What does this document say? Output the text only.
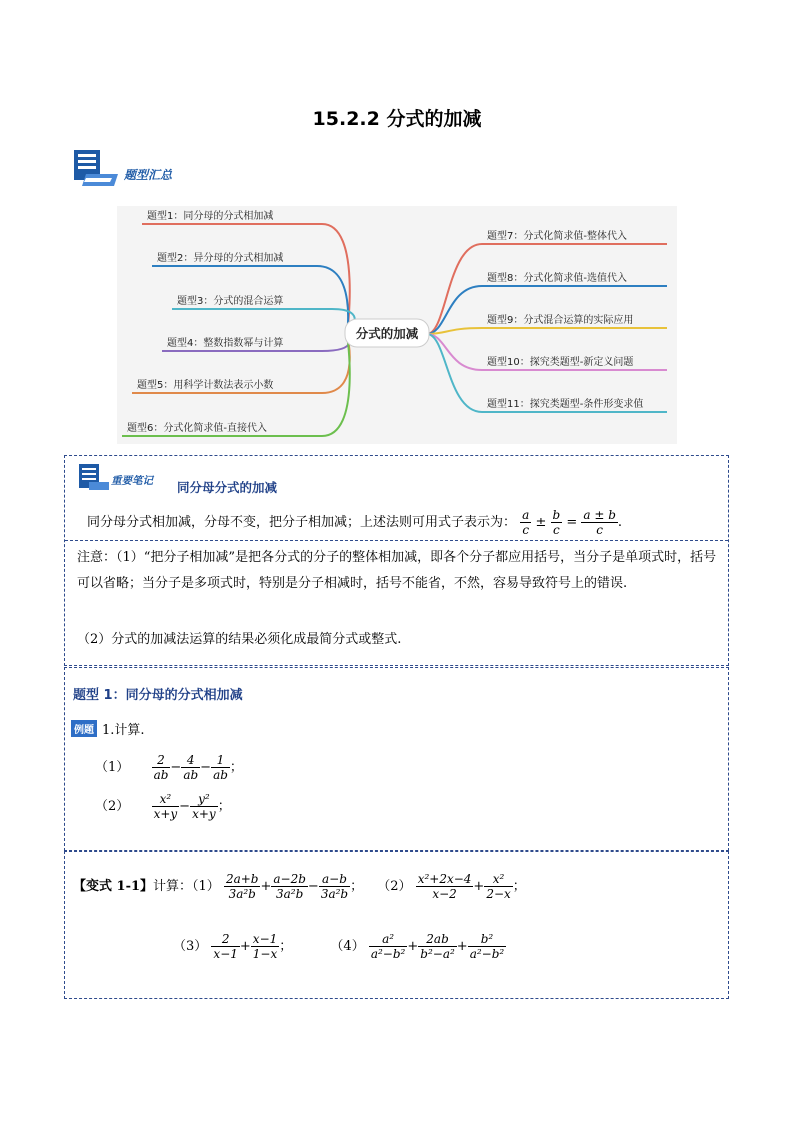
15.2.2 分式的加减
题型汇总
题型1：同分母的分式相加减
题型2：异分母的分式相加减
题型3：分式的混合运算
题型4：整数指数幂与计算
题型5：用科学计数法表示小数
题型6：分式化简求值-直接代入
题型7：分式化简求值-整体代入
题型8：分式化简求值-选值代入
题型9：分式混合运算的实际应用
题型10：探究类题型-新定义问题
题型11：探究类题型-条件形变求值
分式的加减
重要笔记 同分母分式的加减
同分母分式相加减，分母不变，把分子相加减；上述法则可用式子表示为： $\frac{a}{c} \pm \frac{b}{c} = \frac{a \pm b}{c}$ .
注意：（1）“把分子相加减”是把各分式的分子的整体相加减，即各个分子都应用括号，当分子是单项式时，括号可以省略；当分子是多项式时，特别是分子相减时，括号不能省，不然，容易导致符号上的错误.
（2）分式的加减法运算的结果必须化成最简分式或整式.
题型 1：同分母的分式相加减
例题 1.计算.
$(1) \frac{2}{ab} - \frac{4}{ab} - \frac{1}{ab}$ ；
$(2) \frac{\text{x²}}{x+y} - \frac{\text{y²}}{x+y}$ ；
【变式 1-1】计算：$(1) \frac{2a+b}{\text{3a²b}} + \frac{a-2b}{\text{3a²b}} - \frac{a-b}{\text{3a²b}}$ ； $(2) \frac{\text{x²+2x−4}}{x-2} + \frac{\text{x²}}{2-x}$ ；
$(3) \frac{2}{x-1} + \frac{x-1}{1-x}$ ；	$(4) \frac{\text{a²}}{\text{a²−b²}} + \frac{2ab}{\text{b²−a²}} + \frac{\text{b²}}{\text{a²−b²}}$
